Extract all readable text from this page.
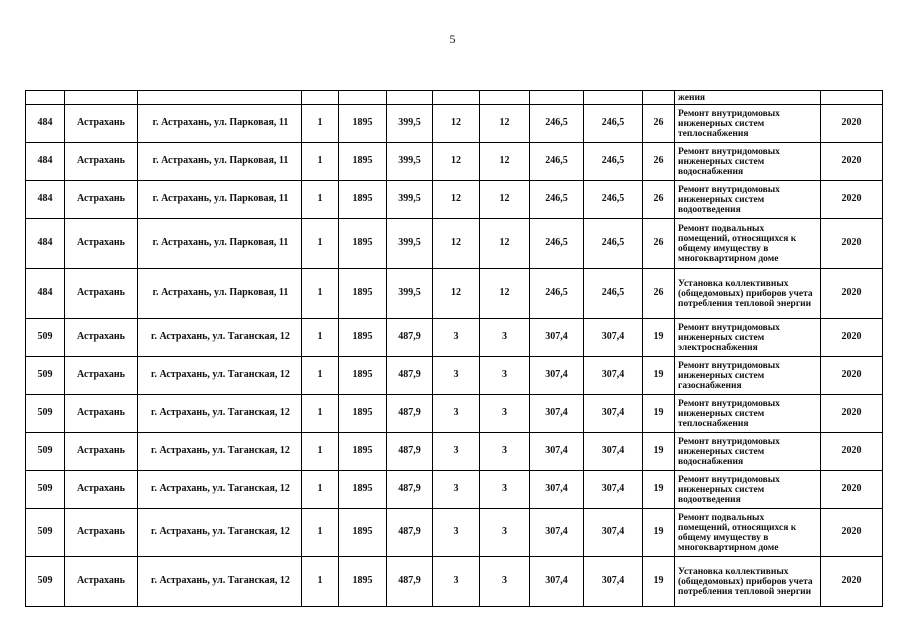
5
											жения	
484	Астрахань	г. Астрахань, ул. Парковая, 11	1	1895	399,5	12	12	246,5	246,5	26	Ремонт внутридомовых инженерных систем теплоснабжения	2020
484	Астрахань	г. Астрахань, ул. Парковая, 11	1	1895	399,5	12	12	246,5	246,5	26	Ремонт внутридомовых инженерных систем водоснабжения	2020
484	Астрахань	г. Астрахань, ул. Парковая, 11	1	1895	399,5	12	12	246,5	246,5	26	Ремонт внутридомовых инженерных систем водоотведения	2020
484	Астрахань	г. Астрахань, ул. Парковая, 11	1	1895	399,5	12	12	246,5	246,5	26	Ремонт подвальных помещений, относящихся к общему имуществу в многоквартирном доме	2020
484	Астрахань	г. Астрахань, ул. Парковая, 11	1	1895	399,5	12	12	246,5	246,5	26	Установка коллективных (общедомовых) приборов учета потребления тепловой энергии	2020
509	Астрахань	г. Астрахань, ул. Таганская, 12	1	1895	487,9	3	3	307,4	307,4	19	Ремонт внутридомовых инженерных систем электроснабжения	2020
509	Астрахань	г. Астрахань, ул. Таганская, 12	1	1895	487,9	3	3	307,4	307,4	19	Ремонт внутридомовых инженерных систем газоснабжения	2020
509	Астрахань	г. Астрахань, ул. Таганская, 12	1	1895	487,9	3	3	307,4	307,4	19	Ремонт внутридомовых инженерных систем теплоснабжения	2020
509	Астрахань	г. Астрахань, ул. Таганская, 12	1	1895	487,9	3	3	307,4	307,4	19	Ремонт внутридомовых инженерных систем водоснабжения	2020
509	Астрахань	г. Астрахань, ул. Таганская, 12	1	1895	487,9	3	3	307,4	307,4	19	Ремонт внутридомовых инженерных систем водоотведения	2020
509	Астрахань	г. Астрахань, ул. Таганская, 12	1	1895	487,9	3	3	307,4	307,4	19	Ремонт подвальных помещений, относящихся к общему имуществу в многоквартирном доме	2020
509	Астрахань	г. Астрахань, ул. Таганская, 12	1	1895	487,9	3	3	307,4	307,4	19	Установка коллективных (общедомовых) приборов учета потребления тепловой энергии	2020
